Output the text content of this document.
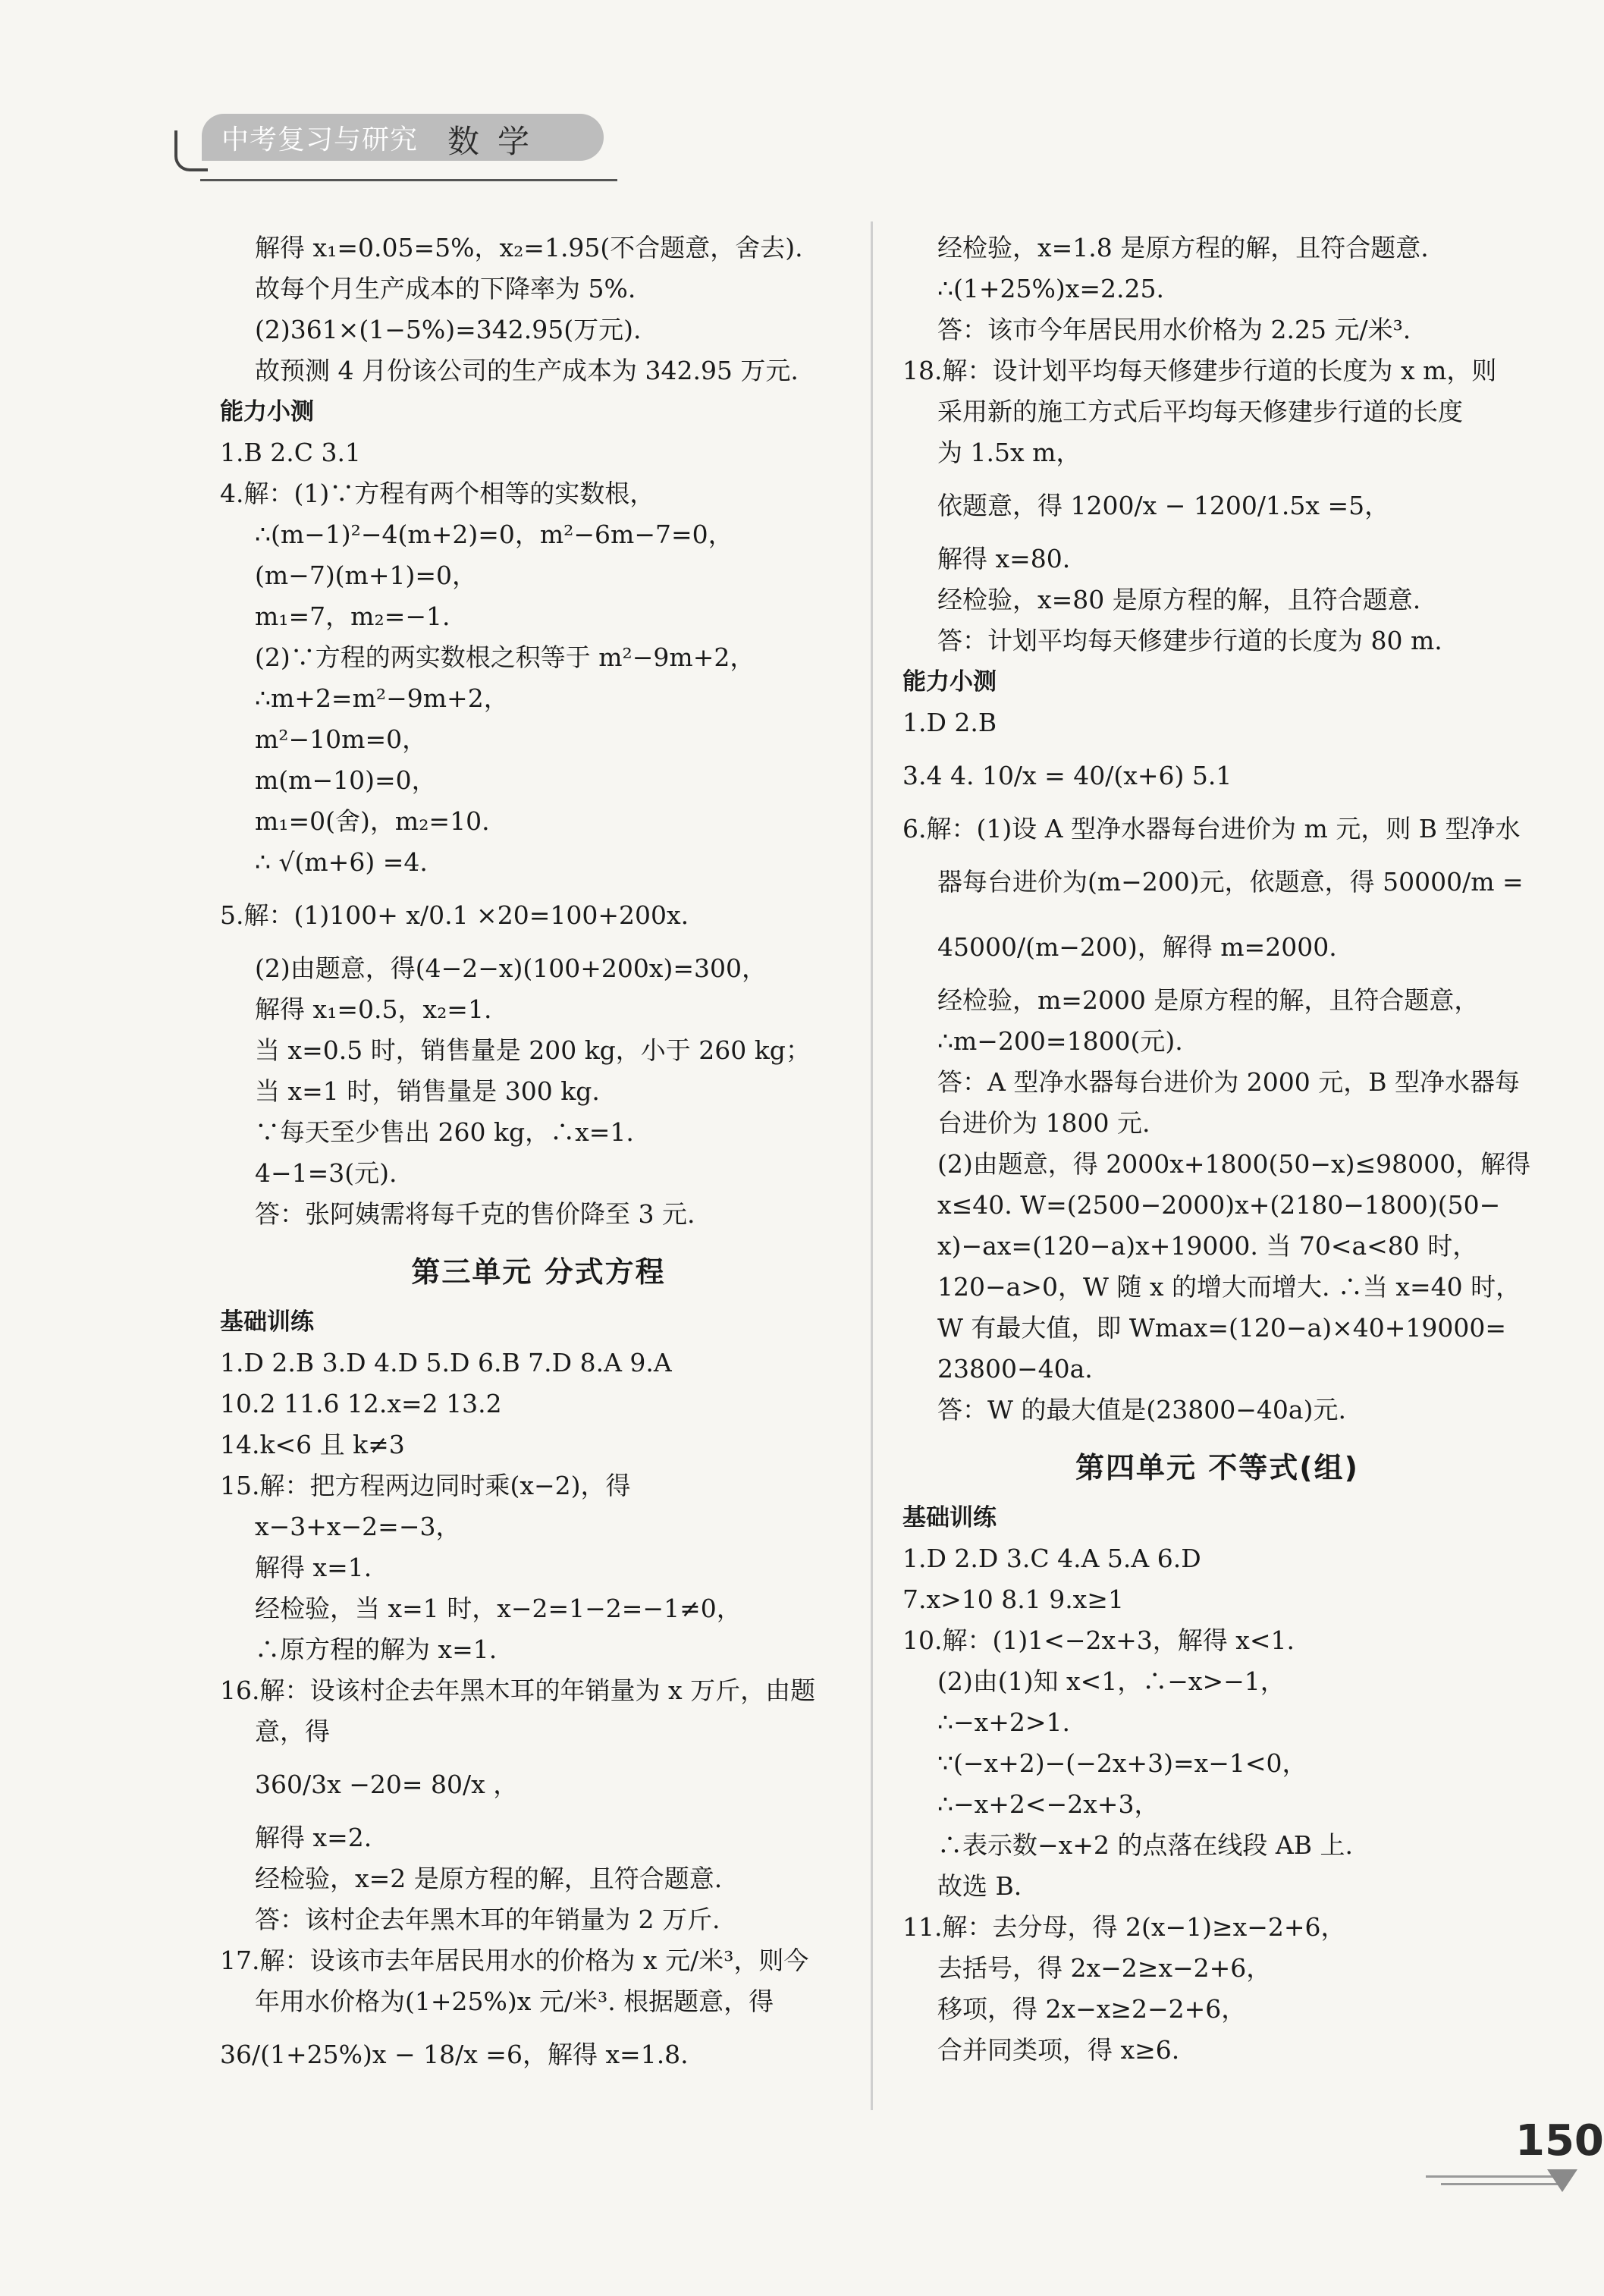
中考复习与研究 数学
解得 x₁=0.05=5%，x₂=1.95(不合题意，舍去).
故每个月生产成本的下降率为 5%.
(2)361×(1−5%)=342.95(万元).
故预测 4 月份该公司的生产成本为 342.95 万元.
能力小测
1.B 2.C 3.1
4.解：(1)∵方程有两个相等的实数根，
∴(m−1)²−4(m+2)=0，m²−6m−7=0，
(m−7)(m+1)=0，
m₁=7，m₂=−1.
(2)∵方程的两实数根之积等于 m²−9m+2，
∴m+2=m²−9m+2，
m²−10m=0，
m(m−10)=0，
m₁=0(舍)，m₂=10.
∴ √(m+6) =4.
5.解：(1)100+ x/0.1 ×20=100+200x.
(2)由题意，得(4−2−x)(100+200x)=300，
解得 x₁=0.5，x₂=1.
当 x=0.5 时，销售量是 200 kg，小于 260 kg；
当 x=1 时，销售量是 300 kg.
∵每天至少售出 260 kg，∴x=1.
4−1=3(元).
答：张阿姨需将每千克的售价降至 3 元.
第三单元 分式方程
基础训练
1.D 2.B 3.D 4.D 5.D 6.B 7.D 8.A 9.A
10.2 11.6 12.x=2 13.2
14.k<6 且 k≠3
15.解：把方程两边同时乘(x−2)，得
x−3+x−2=−3，
解得 x=1.
经检验，当 x=1 时，x−2=1−2=−1≠0，
∴原方程的解为 x=1.
16.解：设该村企去年黑木耳的年销量为 x 万斤，由题
意，得
360/3x −20= 80/x ，
解得 x=2.
经检验，x=2 是原方程的解，且符合题意.
答：该村企去年黑木耳的年销量为 2 万斤.
17.解：设该市去年居民用水的价格为 x 元/米³，则今
年用水价格为(1+25%)x 元/米³. 根据题意，得
36/(1+25%)x − 18/x =6，解得 x=1.8.
经检验，x=1.8 是原方程的解，且符合题意.
∴(1+25%)x=2.25.
答：该市今年居民用水价格为 2.25 元/米³.
18.解：设计划平均每天修建步行道的长度为 x m，则
采用新的施工方式后平均每天修建步行道的长度
为 1.5x m，
依题意，得 1200/x − 1200/1.5x =5，
解得 x=80.
经检验，x=80 是原方程的解，且符合题意.
答：计划平均每天修建步行道的长度为 80 m.
能力小测
1.D 2.B
3.4 4. 10/x = 40/(x+6) 5.1
6.解：(1)设 A 型净水器每台进价为 m 元，则 B 型净水
器每台进价为(m−200)元，依题意，得 50000/m =
45000/(m−200)，解得 m=2000.
经检验，m=2000 是原方程的解，且符合题意，
∴m−200=1800(元).
答：A 型净水器每台进价为 2000 元，B 型净水器每
台进价为 1800 元.
(2)由题意，得 2000x+1800(50−x)≤98000，解得
x≤40. W=(2500−2000)x+(2180−1800)(50−
x)−ax=(120−a)x+19000. 当 70<a<80 时，
120−a>0，W 随 x 的增大而增大. ∴当 x=40 时，
W 有最大值，即 Wmax=(120−a)×40+19000=
23800−40a.
答：W 的最大值是(23800−40a)元.
第四单元 不等式(组)
基础训练
1.D 2.D 3.C 4.A 5.A 6.D
7.x>10 8.1 9.x≥1
10.解：(1)1<−2x+3，解得 x<1.
(2)由(1)知 x<1，∴−x>−1，
∴−x+2>1.
∵(−x+2)−(−2x+3)=x−1<0，
∴−x+2<−2x+3，
∴表示数−x+2 的点落在线段 AB 上.
故选 B.
11.解：去分母，得 2(x−1)≥x−2+6，
去括号，得 2x−2≥x−2+6，
移项，得 2x−x≥2−2+6，
合并同类项，得 x≥6.
150
